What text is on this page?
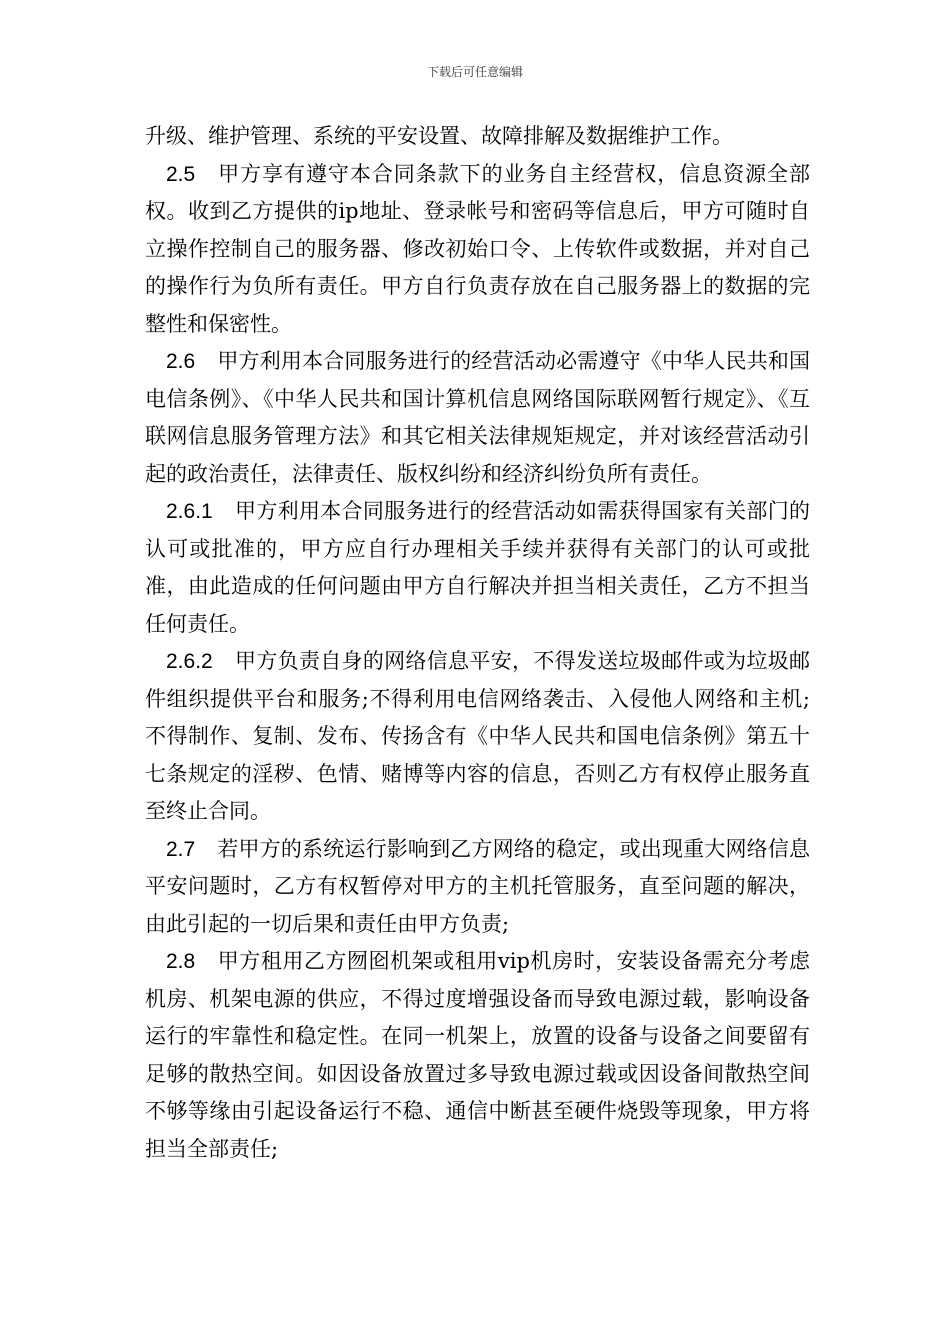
下载后可任意编辑

升级、维护管理、系统的平安设置、故障排解及数据维护工作。

2.5 甲方享有遵守本合同条款下的业务自主经营权，信息资源全部权。收到乙方提供的ip地址、登录帐号和密码等信息后，甲方可随时自立操作控制自己的服务器、修改初始口令、上传软件或数据，并对自己的操作行为负所有责任。甲方自行负责存放在自己服务器上的数据的完整性和保密性。

2.6 甲方利用本合同服务进行的经营活动必需遵守《中华人民共和国电信条例》、《中华人民共和国计算机信息网络国际联网暂行规定》、《互联网信息服务管理方法》和其它相关法律规矩规定，并对该经营活动引起的政治责任，法律责任、版权纠纷和经济纠纷负所有责任。

2.6.1 甲方利用本合同服务进行的经营活动如需获得国家有关部门的认可或批准的，甲方应自行办理相关手续并获得有关部门的认可或批准，由此造成的任何问题由甲方自行解决并担当相关责任，乙方不担当任何责任。

2.6.2 甲方负责自身的网络信息平安，不得发送垃圾邮件或为垃圾邮件组织提供平台和服务;不得利用电信网络袭击、入侵他人网络和主机;不得制作、复制、发布、传扬含有《中华人民共和国电信条例》第五十七条规定的淫秽、色情、赌博等内容的信息，否则乙方有权停止服务直至终止合同。

2.7 若甲方的系统运行影响到乙方网络的稳定，或出现重大网络信息平安问题时，乙方有权暂停对甲方的主机托管服务，直至问题的解决，由此引起的一切后果和责任由甲方负责;

2.8 甲方租用乙方囫囵机架或租用vip机房时，安装设备需充分考虑机房、机架电源的供应，不得过度增强设备而导致电源过载，影响设备运行的牢靠性和稳定性。在同一机架上，放置的设备与设备之间要留有足够的散热空间。如因设备放置过多导致电源过载或因设备间散热空间不够等缘由引起设备运行不稳、通信中断甚至硬件烧毁等现象，甲方将担当全部责任;
